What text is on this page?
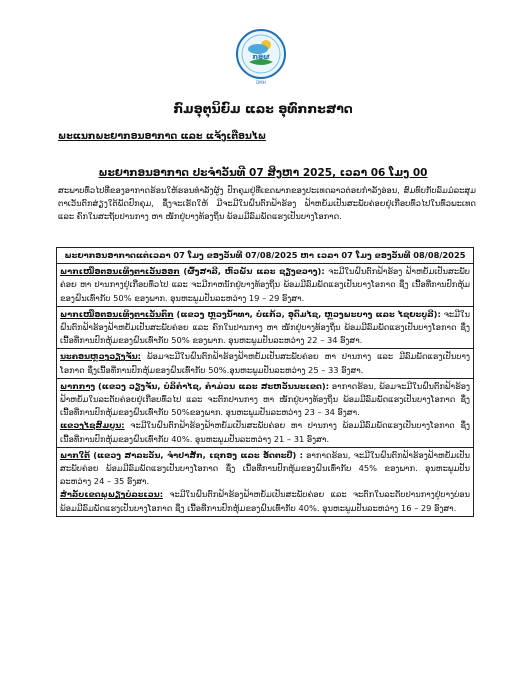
ກອຜ
DMH
ກົມອຸຕຸນິຍົມ ແລະ ອຸທົກກະສາດ
ພະແນກພະຍາກອນອາກາດ ແລະ ແຈ້ງເຕືອນໄພ
ພະຍາກອນອາກາດ ປະຈໍາວັນທີ 07 ສິງຫາ 2025, ເວລາ 06 ໂມງ 00

ສະພາບທົ່ວໄປທີ່ຂອງອາກາດຮ້ອນໃຫ້ຮອນທໍາລັງຜູ້ງ ປົກຄຸມຢູ່ທີ່ເຂດພາກຂອງປະເທດລາວຕ່ອຍກໍາລັງອ່ອນ, ສົມທົບກັບລົມມໍລະສຸມຕາເວັນຕົກສ່ຽງໃຕ້ພັດປົກຄຸມ, ຊຶ່ງຈະເຮັດໃຫ້ ມີຈະມີໃນຝົນຕົກຟ້າຮ້ອງ ຟ້າຫຍໍ້ມເປັນສະພັບຄ່ອຍຢູ່ເກືອບທົ່ວໄປໃນທົ່ວພະເທດ ແລະ ຄົກໃນສະຖັບປານກາງ ຫາ ໜັກຢູ່ບາງທ້ອງຖິ່ນ ພ້ອມມີລົມພັດແຮງເປັນບາງໂອກາດ.

ພະຍາກອນອາກາດແຕ່ເວລາ 07 ໂມງ ຂອງວັນທີ 07/08/2025 ຫາ ເວລາ 07 ໂມງ ຂອງວັນທີ 08/08/2025
ພາກເໜືອຕອນເທິງຕາເວັນອອກ (ຜົ້ງສາລີ, ຫົວພັນ ແລະ ຊຽງຂວາງ): ຈະມີໃນຝົນຕົກຟ້າຮ້ອງ ຟ້າຫຍໍ້ມເປັນສະພັບຄ່ອຍ ຫາ ປານກາງຢູ່ເກືອບທົ່ວໄປ ແລະ ຈະມີກາຫນັກຢູ່ບາງທ້ອງຖິ່ນ ພ້ອມມີລົມພັດແຮງເປັນບາງໂອກາດ ຊຶ່ງ ເນື້ອທີ່ການປົກຫຸ້ມຂອງຝົນເທົ່າກັບ 50% ຂອງພາກ. ອຸນຫະພູມປັນລະຫວ່າງ 19 – 29 ອົງສາ.
ພາກເໜືອຕອນເທິງຕາເວັນຕົກ (ແຂວງ ຫຼວງນໍ້າທາ, ບໍ່ແກ້ວ, ອຸດົມໄຊ, ຫຼວງພະບາງ ແລະ ໄຊຍະບູລີ): ຈະມີໃນຝົນຕົກຟ້າຮ້ອງຟ້າຫຍໍ້ມເປັນສະພັບຄ່ອຍ ແລະ ຄົກໃນປານກາງ ຫາ ໜັກຢູ່ບາງທ້ອງຖິ່ນ ພ້ອມມີລົມພັດແຮງເປັນບາງໂອກາດ ຊຶ່ງ ເນື້ອທີ່ການປົກຫຸ້ມຂອງຝົນເທົ່າກັບ 50% ຂອງພາກ. ອຸນຫະພູມປັນລະຫວ່າງ 22 – 34 ອົງສາ.
ນະຄອນຫຼວງວຽງຈັນ: ພ້ອມຈະມີໃນຝົນຕົກຟ້າຮ້ອງຟ້າຫຍໍ້ມເປັນສະພັບຄ່ອຍ ຫາ ປານກາງ ແລະ ມີລົມພັດແຮງເປັນບາງໂອກາດ ຊຶ່ງເນື້ອທີ່ການປົກຫຸ້ມຂອງຝົນເທົ່າກັບ 50%.ອຸນຫະພູມປັນລະຫວ່າງ 25 – 33 ອົງສາ.
ພາກກາງ (ແຂວງ ວຽງຈັນ, ບໍລິຄໍາໄຊ, ຄໍາມ່ວນ ແລະ ສະຫວັນນະເຂດ): ອາກາດຮ້ອນ, ພ້ອມຈະມີໃນຝົນຕົກຟ້າຮ້ອງຟ້າຫຍໍ້ມໃນລະດັບຄ່ອຍຢູ່ເກືອບທົ່ວໄປ ແລະ ຈະຕົກປານກາງ ຫາ ໜັກຢູ່ບາງທ້ອງຖິ່ນ ພ້ອມມີລົມພັດແຮງເປັນບາງໂອກາດ ຊຶ່ງ ເນື້ອທີ່ການປົກຫຸ້ມຂອງຝົນເທົ່າກັບ 50%ຂອງພາກ. ອຸນຫະພູມປັນລະຫວ່າງ 23 – 34 ອົງສາ.
ແຂວງໄຊສົມບູນ: ຈະມີໃນຝົນຕົກຟ້າຮ້ອງຟ້າຫຍໍ້ມເປັນສະພັບຄ່ອຍ ຫາ ປານກາງ ພ້ອມມີລົມພັດແຮງເປັນບາງໂອກາດ ຊຶ່ງ ເນື້ອທີ່ການປົກຫຸ້ມຂອງຝົນເທົ່າກັບ 40%. ອຸນຫະພູມປັນລະຫວ່າງ 21 – 31 ອົງສາ.

ພາກໃຕ້ (ແຂວງ ສາລະວັນ, ຈໍາປາສັກ, ເຊກອງ ແລະ ອັດຕະປື) : ອາກາດຮ້ອນ, ຈະມີໃນຝົນຕົກຟ້າຮ້ອງຟ້າຫຍໍ້ມເປັນສະພັບຄ່ອຍ ພ້ອມມີລົມພັດແຮງເປັນບາງໂອກາດ ຊຶ່ງ ເນື້ອທີ່ການປົກຫຸ້ມຂອງຝົນເທົ່າກັບ 45% ຂອງພາກ. ອຸນຫະພູມປັນລະຫວ່າງ 24 – 35 ອົງສາ.
ສໍາລັບເຂດພູພຽງບໍລະເວນ: ຈະມີໃນຝົນຕົກຟ້າຮ້ອງຟ້າຫຍໍ້ມເປັນສະພັບຄ່ອຍ ແລະ ຈະຕົກໃນລະດັບປານກາງຢູ່ບາງບ່ອນ ພ້ອມມີລົມພັດແຮງເປັນບາງໂອກາດ ຊຶ່ງ ເນື້ອທີ່ການປົກຫຸ້ມຂອງຝົນເທົ່າກັບ 40%. ອຸນຫະພູມປັນລະຫວ່າງ 16 – 29 ອົງສາ.
